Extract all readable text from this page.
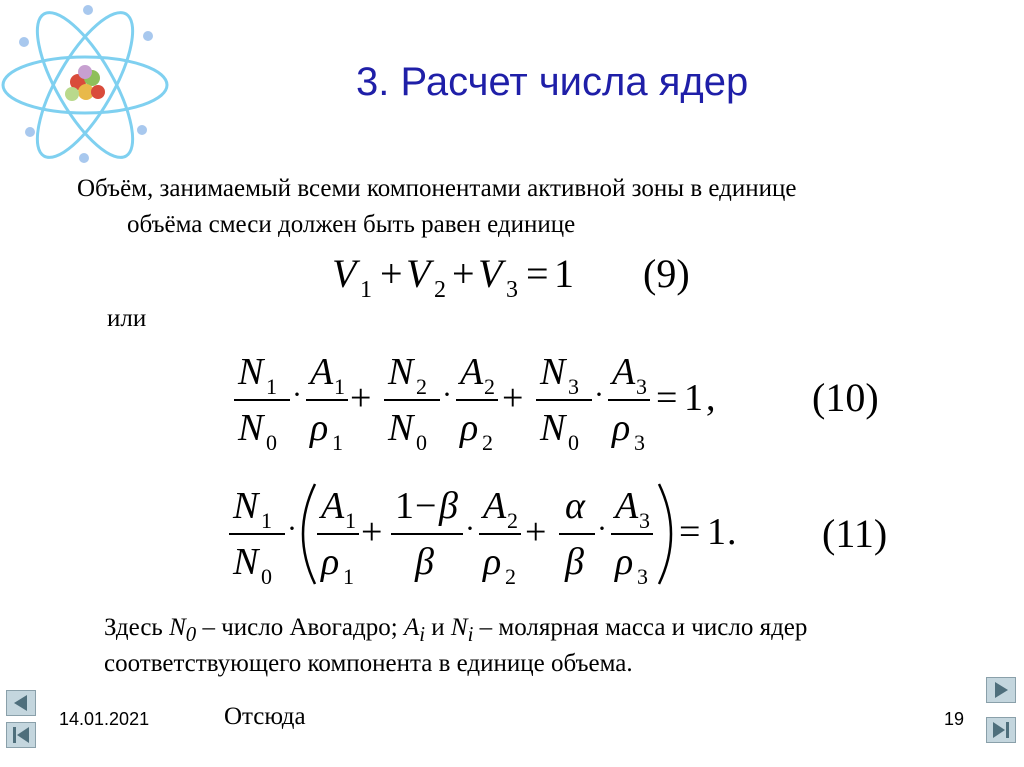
3. Расчет числа ядер
Объём, занимаемый всеми компонентами активной зоны в единице
объёма смеси должен быть равен единице
V 1 + V 2 + V 3 = 1 (9)
или
N 1
N 0
·
A 1
ρ 1
+
N 2
N 0
·
A 2
ρ 2
+
N 3
N 0
·
A 3
ρ 3
= 1 , (10)
N 1
N 0
·
A 1
ρ 1
+
1 − β
β
·
A 2
ρ 2
+
α
β
·
A 3
ρ 3
= 1 . (11)
Здесь $N_0$ – число Авогадро; $A_i$ и $N_i$ – молярная масса и число ядер
соответствующего компонента в единице объема.
Отсюда
14.01.2021	19
